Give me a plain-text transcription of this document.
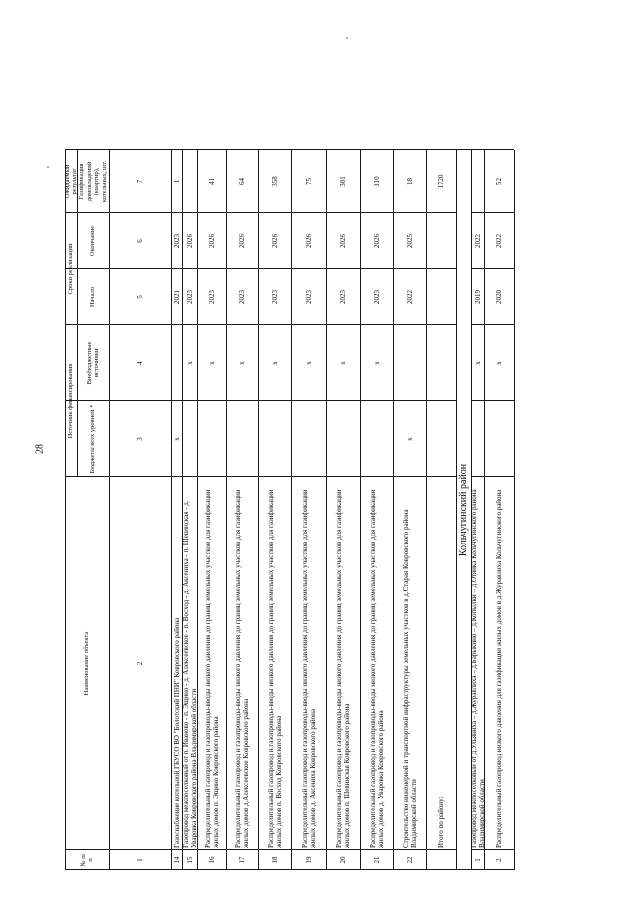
28
№ п/п
Наименование объекта
Источник финансирования
Бюджеты всех уровней *
Внебюджетные источники
Сроки реализации
Начало
Окончание
Ожидаемый результат Газификация домовладений (квартир), котельных, шт.
1
2
3
4
5
6
7
14
Газоснабжение котельной ГБУСО ВО "Болотский ПНИ" Ковровского района
x
2021
2023
1
15
Газопровод межпоселковый от п. Иваново - п. Эщино - д. Алексеевское - п. Восход - д. Аксениха - п. Шевинская - д. Уваровка Ковровского района Владимирской области
x
2023
2026
16
Распределительный газопровод и газопроводы-вводы низкого давления до границ земельных участков для газификации жилых домов п. Эщино Ковровского района
x
2023
2026
41
17
Распределительный газопровод и газопроводы-вводы низкого давления до границ земельных участков для газификации жилых домов д.Алексеевское Ковровского района
x
2023
2026
64
18
Распределительный газопровод и газопроводы-вводы низкого давления до границ земельных участков для газификации жилых домов п. Восход Ковровского района
x
2023
2026
358
19
Распределительный газопровод и газопроводы-вводы низкого давления до границ земельных участков для газификации жилых домов д. Аксениха Ковровского района
x
2023
2026
75
20
Распределительный газопровод и газопроводы-вводы низкого давления до границ земельных участков для газификации жилых домов п. Шевинская Ковровского района
x
2023
2026
301
21
Распределительный газопровод и газопроводы-вводы низкого давления до границ земельных участков для газификации жилых домов д. Уваровка Ковровского района
x
2023
2026
110
22
Строительство инженерной и транспортной инфраструктуры земельных участков в д.Старая Ковровского района Владимирской области
x
2022
2025
18
Итого по району:
1720
Кольчугинский район
1
Газопровод межпоселковый от д.Ульяниха – д.Журавлиха – д.Барыкино – д.Копылки – д.Отяйка Кольчугинского района Владимирской области
x
2019
2022
2
Распределительный газопровод низкого давления для газификации жилых домов в д.Журавлиха Кольчугинского района
x
2020
2022
52
